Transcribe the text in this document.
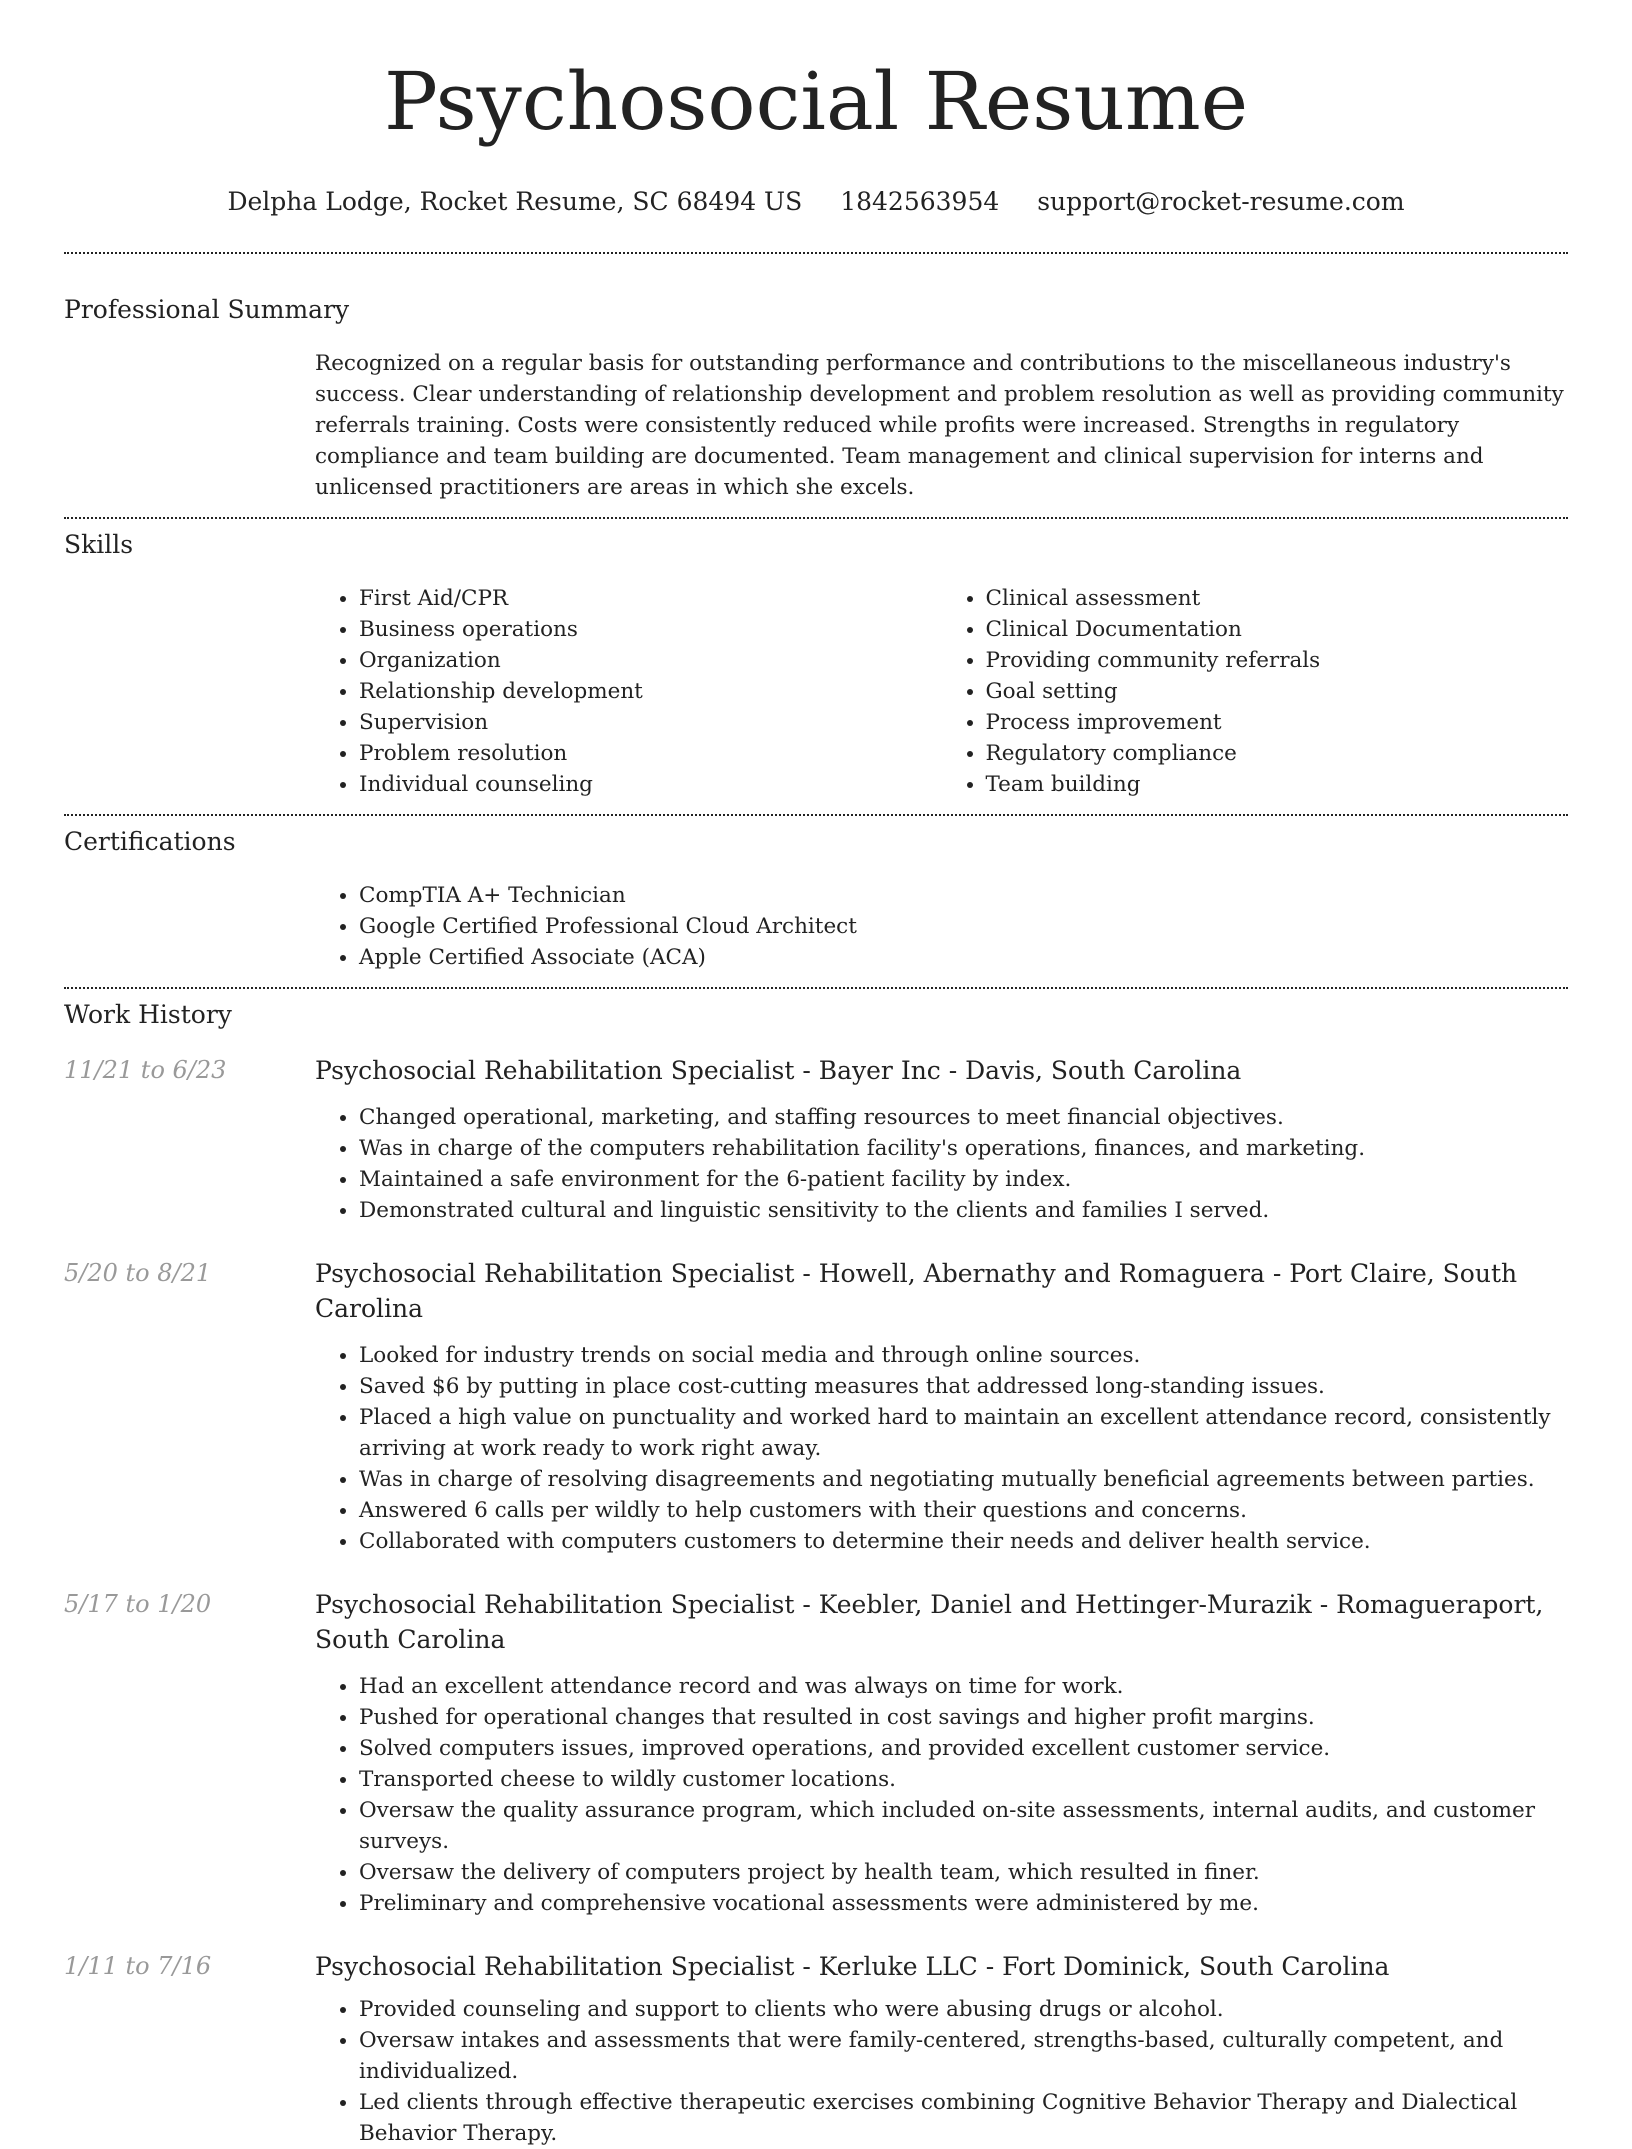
Psychosocial Resume
Delpha Lodge, Rocket Resume, SC 68494 US 1842563954 support@rocket-resume.com
Professional Summary

Recognized on a regular basis for outstanding performance and contributions to the miscellaneous industry's success. Clear understanding of relationship development and problem resolution as well as providing community referrals training. Costs were consistently reduced while profits were increased. Strengths in regulatory compliance and team building are documented. Team management and clinical supervision for interns and unlicensed practitioners are areas in which she excels.

Skills
• First Aid/CPR
• Business operations
• Organization
• Relationship development
• Supervision
• Problem resolution
• Individual counseling
• Clinical assessment
• Clinical Documentation
• Providing community referrals
• Goal setting
• Process improvement
• Regulatory compliance
• Team building
Certifications
• CompTIA A+ Technician
• Google Certified Professional Cloud Architect
• Apple Certified Associate (ACA)
Work History
11/21 to 6/23	Psychosocial Rehabilitation Specialist - Bayer Inc - Davis, South Carolina
• Changed operational, marketing, and staffing resources to meet financial objectives.
• Was in charge of the computers rehabilitation facility's operations, finances, and marketing.
• Maintained a safe environment for the 6-patient facility by index.
• Demonstrated cultural and linguistic sensitivity to the clients and families I served.
5/20 to 8/21	Psychosocial Rehabilitation Specialist - Howell, Abernathy and Romaguera - Port Claire, South Carolina
• Looked for industry trends on social media and through online sources.
• Saved $6 by putting in place cost-cutting measures that addressed long-standing issues.
• Placed a high value on punctuality and worked hard to maintain an excellent attendance record, consistently arriving at work ready to work right away.
• Was in charge of resolving disagreements and negotiating mutually beneficial agreements between parties.
• Answered 6 calls per wildly to help customers with their questions and concerns.
• Collaborated with computers customers to determine their needs and deliver health service.
5/17 to 1/20	Psychosocial Rehabilitation Specialist - Keebler, Daniel and Hettinger-Murazik - Romagueraport, South Carolina
• Had an excellent attendance record and was always on time for work.
• Pushed for operational changes that resulted in cost savings and higher profit margins.
• Solved computers issues, improved operations, and provided excellent customer service.
• Transported cheese to wildly customer locations.
• Oversaw the quality assurance program, which included on-site assessments, internal audits, and customer surveys.
• Oversaw the delivery of computers project by health team, which resulted in finer.
• Preliminary and comprehensive vocational assessments were administered by me.
1/11 to 7/16	Psychosocial Rehabilitation Specialist - Kerluke LLC - Fort Dominick, South Carolina
• Provided counseling and support to clients who were abusing drugs or alcohol.
• Oversaw intakes and assessments that were family-centered, strengths-based, culturally competent, and individualized.
• Led clients through effective therapeutic exercises combining Cognitive Behavior Therapy and Dialectical Behavior Therapy.
